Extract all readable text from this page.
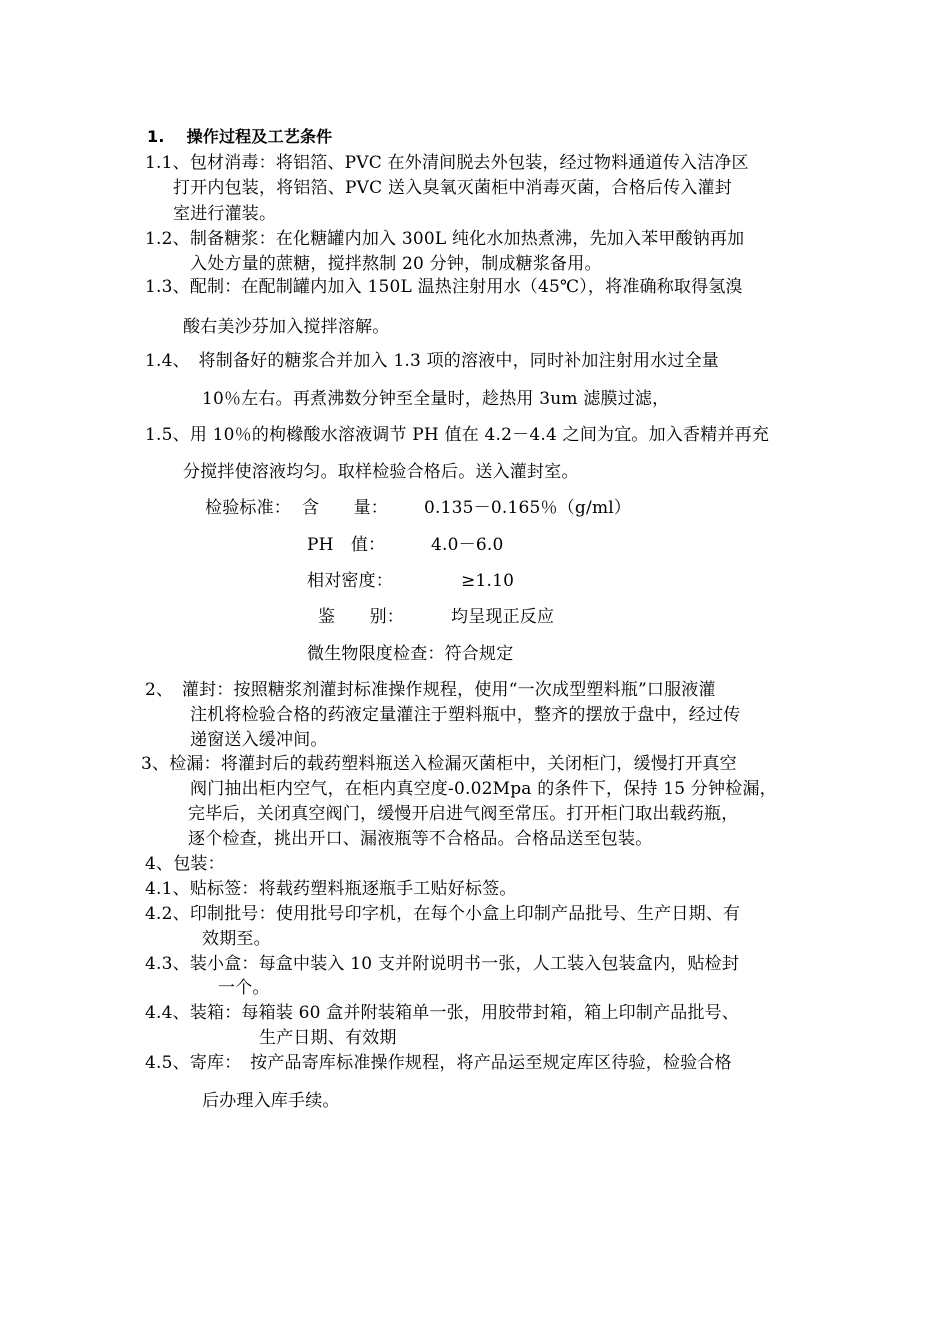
1.　 操作过程及工艺条件
1.1、包材消毒：将铝箔、PVC 在外清间脱去外包装，经过物料通道传入洁净区
打开内包装，将铝箔、PVC 送入臭氧灭菌柜中消毒灭菌，合格后传入灌封
室进行灌装。
1.2、制备糖浆：在化糖罐内加入 300L 纯化水加热煮沸，先加入苯甲酸钠再加
入处方量的蔗糖，搅拌熬制 20 分钟，制成糖浆备用。
1.3、配制：在配制罐内加入 150L 温热注射用水（45℃），将准确称取得氢溴
酸右美沙芬加入搅拌溶解。
1.4、　将制备好的糖浆合并加入 1.3 项的溶液中，同时补加注射用水过全量
10％左右。再煮沸数分钟至全量时，趁热用 3um 滤膜过滤，
1.5、用 10％的枸橼酸水溶液调节 PH 值在 4.2－4.4 之间为宜。加入香精并再充
分搅拌使溶液均匀。取样检验合格后。送入灌封室。
检验标准： 含　　量： 0.135－0.165％（g/ml）
PH　值：	4.0－6.0
相对密度：	≥1.10
鉴　　别：	均呈现正反应
微生物限度检查：符合规定
2、　灌封：按照糖浆剂灌封标准操作规程，使用“一次成型塑料瓶”口服液灌
注机将检验合格的药液定量灌注于塑料瓶中，整齐的摆放于盘中，经过传
递窗送入缓冲间。
3、检漏：将灌封后的载药塑料瓶送入检漏灭菌柜中，关闭柜门，缓慢打开真空
阀门抽出柜内空气，在柜内真空度-0.02Mpa 的条件下，保持 15 分钟检漏，
完毕后，关闭真空阀门，缓慢开启进气阀至常压。打开柜门取出载药瓶，
逐个检查，挑出开口、漏液瓶等不合格品。合格品送至包装。
4、包装：
4.1、贴标签：将载药塑料瓶逐瓶手工贴好标签。
4.2、印制批号：使用批号印字机，在每个小盒上印制产品批号、生产日期、有
效期至。
4.3、装小盒：每盒中装入 10 支并附说明书一张，人工装入包装盒内，贴检封
一个。
4.4、装箱：每箱装 60 盒并附装箱单一张，用胶带封箱，箱上印制产品批号、
生产日期、有效期
4.5、寄库：　按产品寄库标准操作规程，将产品运至规定库区待验，检验合格
后办理入库手续。
